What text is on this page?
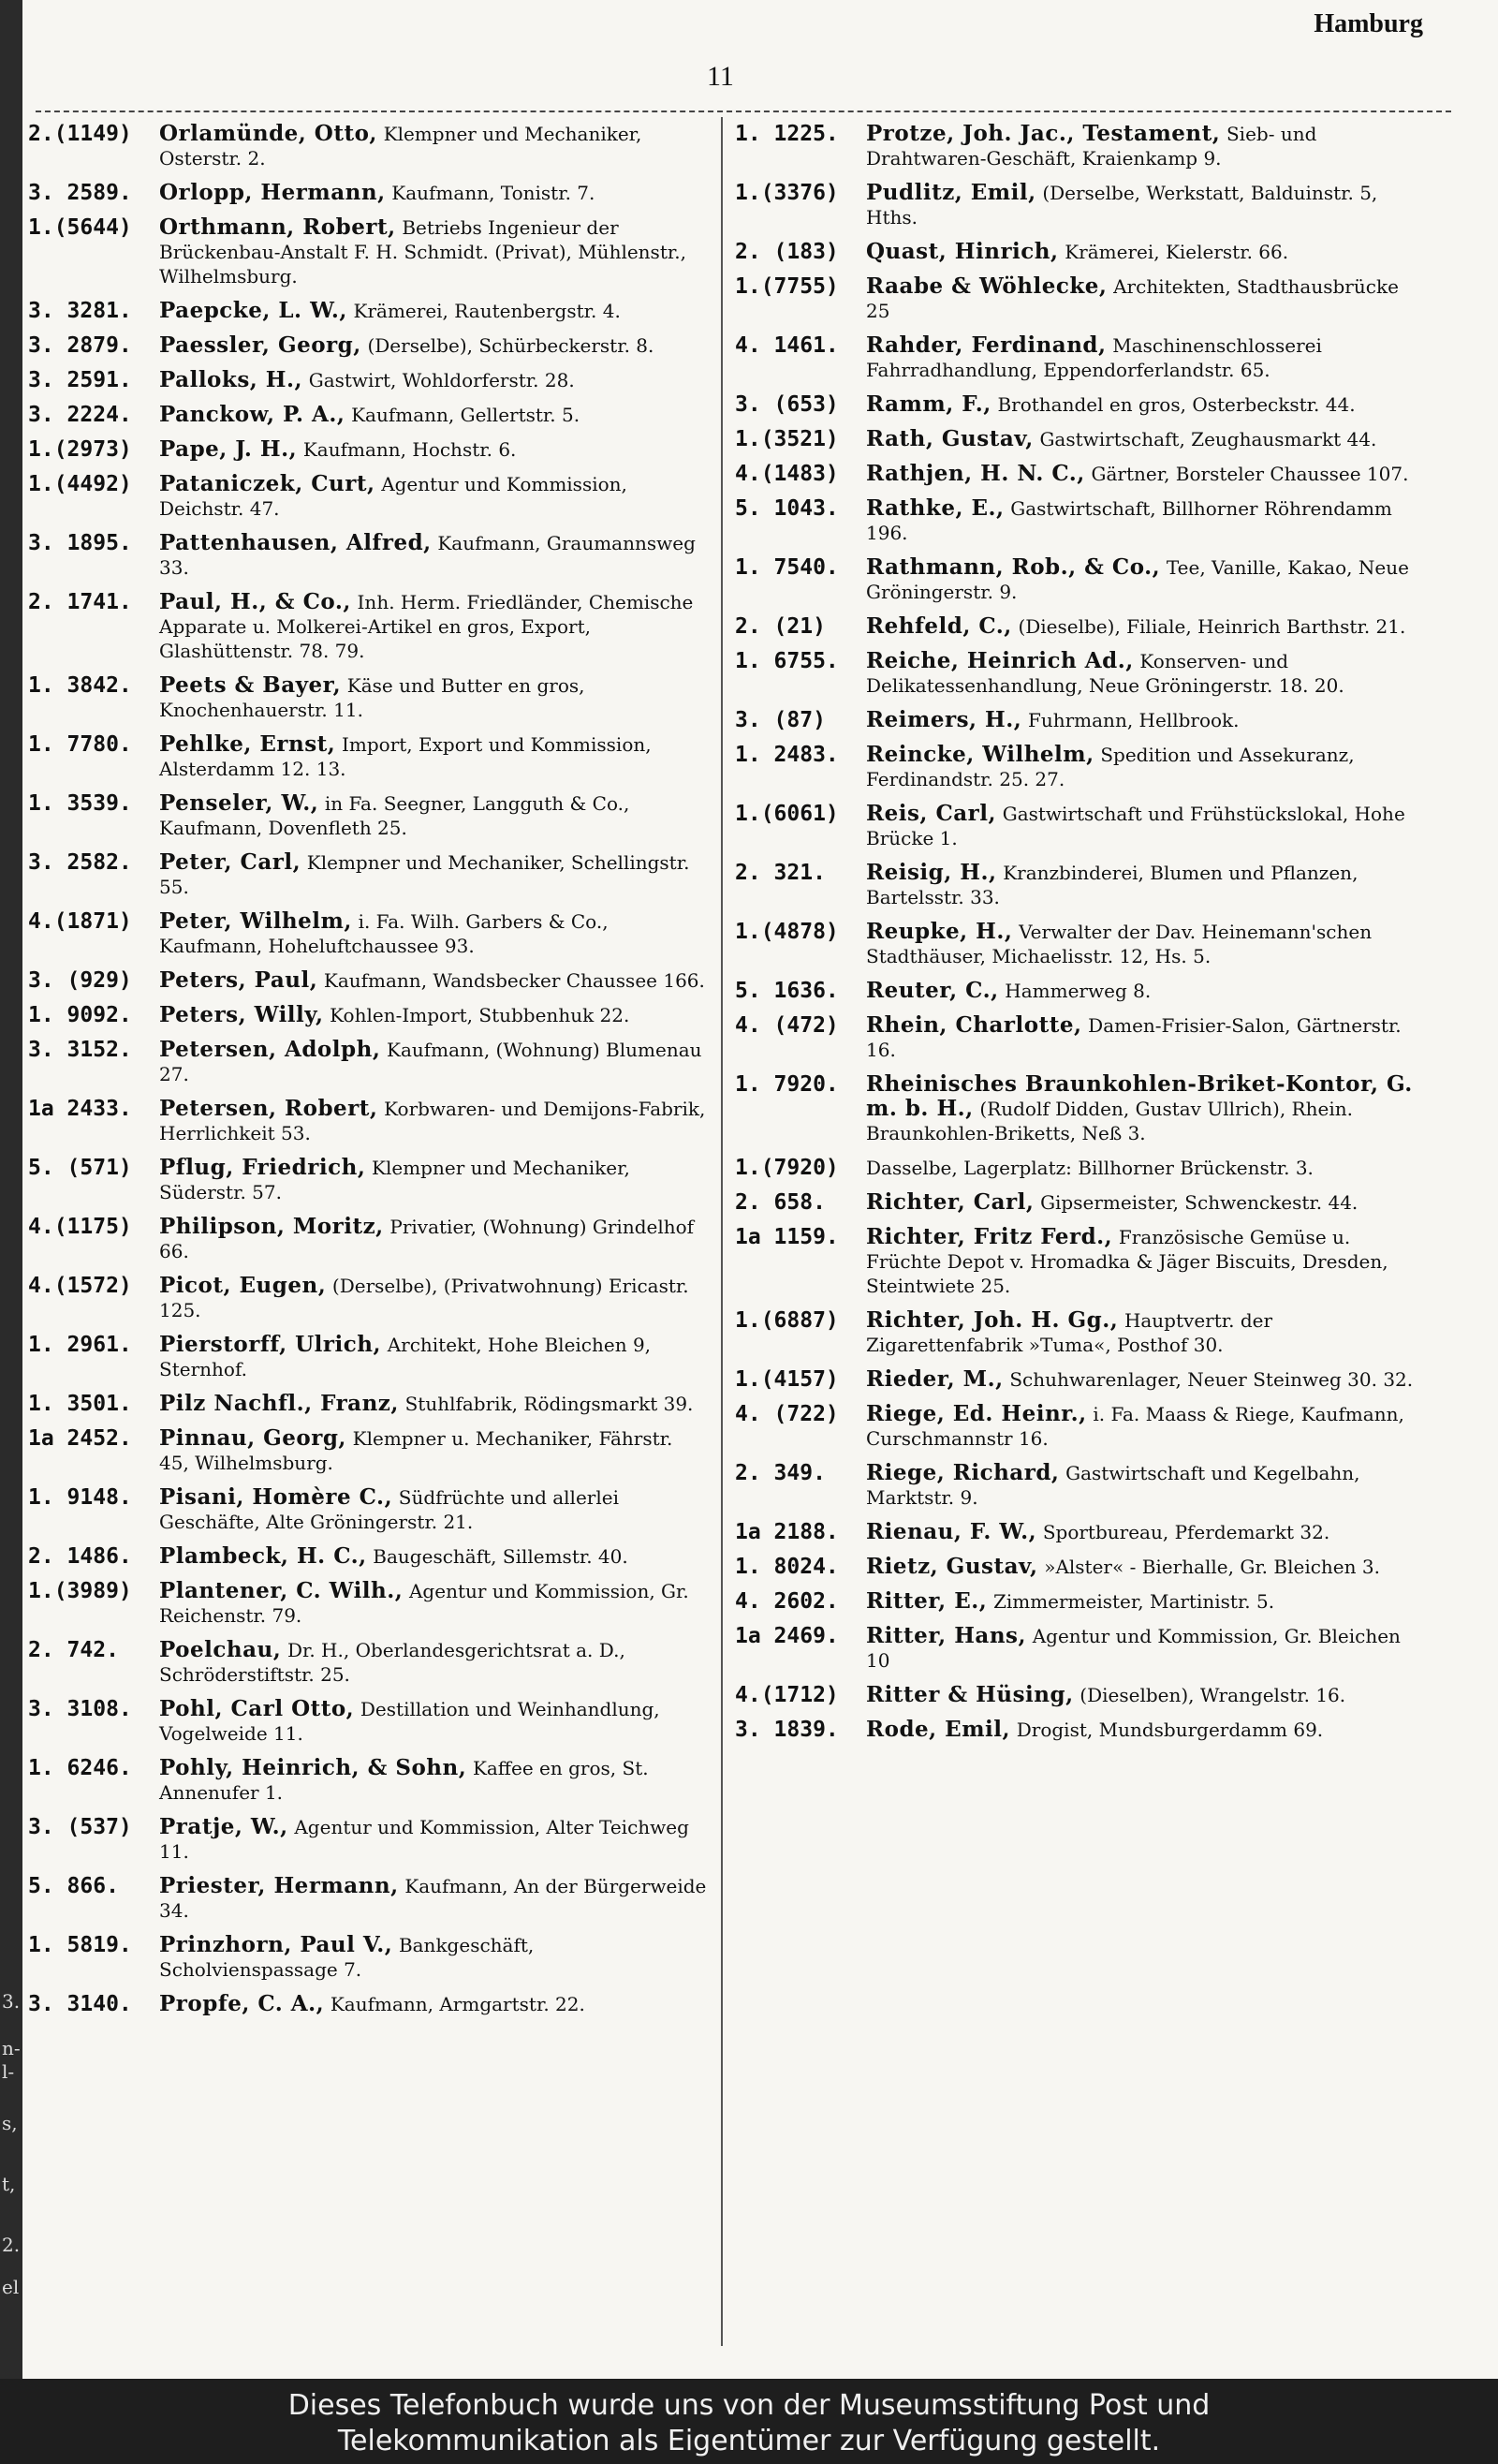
3.
n-
l-
s,
t,
2.
el
Hamburg
11
2.(1149)	Orlamünde, Otto, Klempner und Mechaniker, Osterstr. 2.
3. 2589.	Orlopp, Hermann, Kaufmann, Tonistr. 7.
1.(5644)	Orthmann, Robert, Betriebs Ingenieur der Brückenbau-Anstalt F. H. Schmidt. (Privat), Mühlenstr., Wilhelmsburg.
3. 3281.	Paepcke, L. W., Krämerei, Rautenbergstr. 4.
3. 2879.	Paessler, Georg, (Derselbe), Schürbeckerstr. 8.
3. 2591.	Palloks, H., Gastwirt, Wohldorferstr. 28.
3. 2224.	Panckow, P. A., Kaufmann, Gellertstr. 5.
1.(2973)	Pape, J. H., Kaufmann, Hochstr. 6.
1.(4492)	Pataniczek, Curt, Agentur und Kommission, Deichstr. 47.
3. 1895.	Pattenhausen, Alfred, Kaufmann, Graumannsweg 33.
2. 1741.	Paul, H., & Co., Inh. Herm. Friedländer, Chemische Apparate u. Molkerei-Artikel en gros, Export, Glashüttenstr. 78. 79.
1. 3842.	Peets & Bayer, Käse und Butter en gros, Knochenhauerstr. 11.
1. 7780.	Pehlke, Ernst, Import, Export und Kommission, Alsterdamm 12. 13.
1. 3539.	Penseler, W., in Fa. Seegner, Langguth & Co., Kaufmann, Dovenfleth 25.
3. 2582.	Peter, Carl, Klempner und Mechaniker, Schellingstr. 55.
4.(1871)	Peter, Wilhelm, i. Fa. Wilh. Garbers & Co., Kaufmann, Hoheluftchaussee 93.
3. (929)	Peters, Paul, Kaufmann, Wandsbecker Chaussee 166.
1. 9092.	Peters, Willy, Kohlen-Import, Stubbenhuk 22.
3. 3152.	Petersen, Adolph, Kaufmann, (Wohnung) Blumenau 27.
1a 2433.	Petersen, Robert, Korbwaren- und Demijons-Fabrik, Herrlichkeit 53.
5. (571)	Pflug, Friedrich, Klempner und Mechaniker, Süderstr. 57.
4.(1175)	Philipson, Moritz, Privatier, (Wohnung) Grindelhof 66.
4.(1572)	Picot, Eugen, (Derselbe), (Privatwohnung) Ericastr. 125.
1. 2961.	Pierstorff, Ulrich, Architekt, Hohe Bleichen 9, Sternhof.
1. 3501.	Pilz Nachfl., Franz, Stuhlfabrik, Rödingsmarkt 39.
1a 2452.	Pinnau, Georg, Klempner u. Mechaniker, Fährstr. 45, Wilhelmsburg.
1. 9148.	Pisani, Homère C., Südfrüchte und allerlei Geschäfte, Alte Gröningerstr. 21.
2. 1486.	Plambeck, H. C., Baugeschäft, Sillemstr. 40.
1.(3989)	Plantener, C. Wilh., Agentur und Kommission, Gr. Reichenstr. 79.
2. 742.	Poelchau, Dr. H., Oberlandesgerichtsrat a. D., Schröderstiftstr. 25.
3. 3108.	Pohl, Carl Otto, Destillation und Weinhandlung, Vogelweide 11.
1. 6246.	Pohly, Heinrich, & Sohn, Kaffee en gros, St. Annenufer 1.
3. (537)	Pratje, W., Agentur und Kommission, Alter Teichweg 11.
5. 866.	Priester, Hermann, Kaufmann, An der Bürgerweide 34.
1. 5819.	Prinzhorn, Paul V., Bankgeschäft, Scholvienspassage 7.
3. 3140.	Propfe, C. A., Kaufmann, Armgartstr. 22.
1. 1225.	Protze, Joh. Jac., Testament, Sieb- und Drahtwaren-Geschäft, Kraienkamp 9.
1.(3376)	Pudlitz, Emil, (Derselbe, Werkstatt, Balduinstr. 5, Hths.
2. (183)	Quast, Hinrich, Krämerei, Kielerstr. 66.
1.(7755)	Raabe & Wöhlecke, Architekten, Stadthausbrücke 25
4. 1461.	Rahder, Ferdinand, Maschinenschlosserei Fahrradhandlung, Eppendorferlandstr. 65.
3. (653)	Ramm, F., Brothandel en gros, Osterbeckstr. 44.
1.(3521)	Rath, Gustav, Gastwirtschaft, Zeughausmarkt 44.
4.(1483)	Rathjen, H. N. C., Gärtner, Borsteler Chaussee 107.
5. 1043.	Rathke, E., Gastwirtschaft, Billhorner Röhrendamm 196.
1. 7540.	Rathmann, Rob., & Co., Tee, Vanille, Kakao, Neue Gröningerstr. 9.
2. (21)	Rehfeld, C., (Dieselbe), Filiale, Heinrich Barthstr. 21.
1. 6755.	Reiche, Heinrich Ad., Konserven- und Delikatessenhandlung, Neue Gröningerstr. 18. 20.
3. (87)	Reimers, H., Fuhrmann, Hellbrook.
1. 2483.	Reincke, Wilhelm, Spedition und Assekuranz, Ferdinandstr. 25. 27.
1.(6061)	Reis, Carl, Gastwirtschaft und Frühstückslokal, Hohe Brücke 1.
2. 321.	Reisig, H., Kranzbinderei, Blumen und Pflanzen, Bartelsstr. 33.
1.(4878)	Reupke, H., Verwalter der Dav. Heinemann'schen Stadthäuser, Michaelisstr. 12, Hs. 5.
5. 1636.	Reuter, C., Hammerweg 8.
4. (472)	Rhein, Charlotte, Damen-Frisier-Salon, Gärtnerstr. 16.
1. 7920.	Rheinisches Braunkohlen-Briket-Kontor, G. m. b. H., (Rudolf Didden, Gustav Ullrich), Rhein. Braunkohlen-Briketts, Neß 3.
1.(7920)	Dasselbe, Lagerplatz: Billhorner Brückenstr. 3.
2. 658.	Richter, Carl, Gipsermeister, Schwenckestr. 44.
1a 1159.	Richter, Fritz Ferd., Französische Gemüse u. Früchte Depot v. Hromadka & Jäger Biscuits, Dresden, Steintwiete 25.
1.(6887)	Richter, Joh. H. Gg., Hauptvertr. der Zigarettenfabrik »Tuma«, Posthof 30.
1.(4157)	Rieder, M., Schuhwarenlager, Neuer Steinweg 30. 32.
4. (722)	Riege, Ed. Heinr., i. Fa. Maass & Riege, Kaufmann, Curschmannstr 16.
2. 349.	Riege, Richard, Gastwirtschaft und Kegelbahn, Marktstr. 9.
1a 2188.	Rienau, F. W., Sportbureau, Pferdemarkt 32.
1. 8024.	Rietz, Gustav, »Alster« - Bierhalle, Gr. Bleichen 3.
4. 2602.	Ritter, E., Zimmermeister, Martinistr. 5.
1a 2469.	Ritter, Hans, Agentur und Kommission, Gr. Bleichen 10
4.(1712)	Ritter & Hüsing, (Dieselben), Wrangelstr. 16.
3. 1839.	Rode, Emil, Drogist, Mundsburgerdamm 69.
Dieses Telefonbuch wurde uns von der Museumsstiftung Post und
Telekommunikation als Eigentümer zur Verfügung gestellt.
